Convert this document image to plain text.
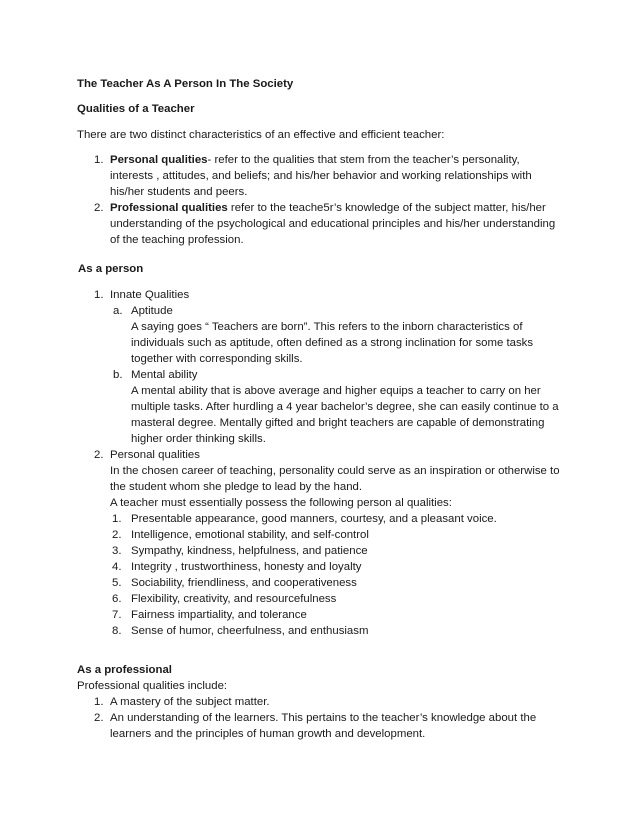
The Teacher As A Person In The Society
Qualities of a Teacher
There are two distinct characteristics of an effective and efficient teacher:
1. Personal qualities- refer to the qualities that stem from the teacher’s personality, interests , attitudes, and beliefs; and his/her behavior and working relationships with his/her students and peers.
2. Professional qualities refer to the teache5r’s knowledge of the subject matter, his/her understanding of the psychological and educational principles and his/her understanding of the teaching profession.
As a person
1. Innate Qualities
a. Aptitude
A saying goes “ Teachers are born”. This refers to the inborn characteristics of individuals such as aptitude, often defined as a strong inclination for some tasks together with corresponding skills.
b. Mental ability
A mental ability that is above average and higher equips a teacher to carry on her multiple tasks. After hurdling a 4 year bachelor’s degree, she can easily continue to a masteral degree. Mentally gifted and bright teachers are capable of demonstrating higher order thinking skills.
2. Personal qualities
In the chosen career of teaching, personality could serve as an inspiration or otherwise to the student whom she pledge to lead by the hand.
A teacher must essentially possess the following person al qualities:
1. Presentable appearance, good manners, courtesy, and a pleasant voice.
2. Intelligence, emotional stability, and self-control
3. Sympathy, kindness, helpfulness, and patience
4. Integrity , trustworthiness, honesty and loyalty
5. Sociability, friendliness, and cooperativeness
6. Flexibility, creativity, and resourcefulness
7. Fairness impartiality, and tolerance
8. Sense of humor, cheerfulness, and enthusiasm
As a professional
Professional qualities include:
1. A mastery of the subject matter.
2. An understanding of the learners. This pertains to the teacher’s knowledge about the learners and the principles of human growth and development.
